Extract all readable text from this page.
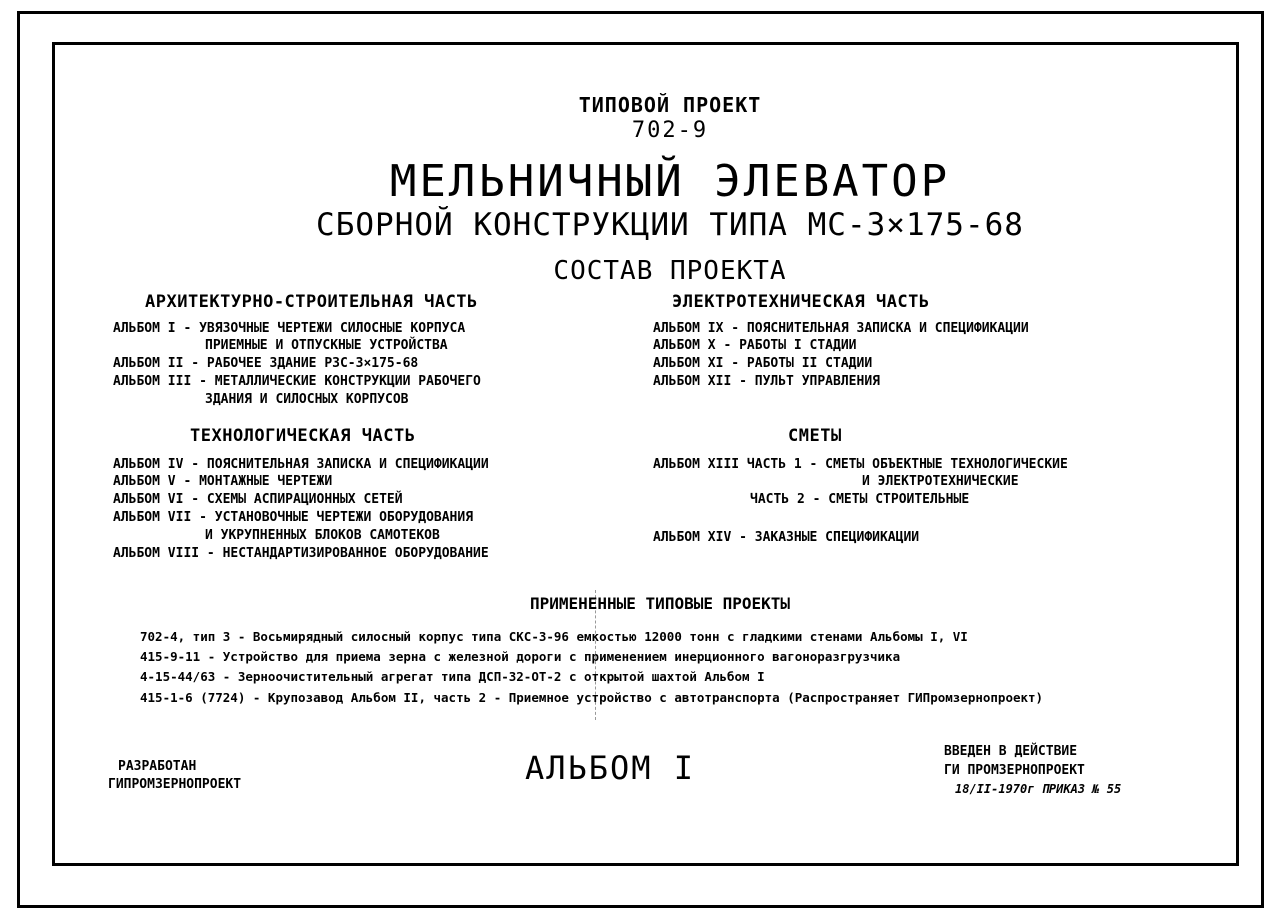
ТИПОВОЙ ПРОЕКТ
702-9
МЕЛЬНИЧНЫЙ ЭЛЕВАТОР
СБОРНОЙ КОНСТРУКЦИИ ТИПА МС-3×175-68
СОСТАВ ПРОЕКТА
АРХИТЕКТУРНО-СТРОИТЕЛЬНАЯ ЧАСТЬ
АЛЬБОМ I - УВЯЗОЧНЫЕ ЧЕРТЕЖИ СИЛОСНЫЕ КОРПУСА
ПРИЕМНЫЕ И ОТПУСКНЫЕ УСТРОЙСТВА
АЛЬБОМ II - РАБОЧЕЕ ЗДАНИЕ РЗС-3×175-68
АЛЬБОМ III - МЕТАЛЛИЧЕСКИЕ КОНСТРУКЦИИ РАБОЧЕГО
ЗДАНИЯ И СИЛОСНЫХ КОРПУСОВ
ТЕХНОЛОГИЧЕСКАЯ ЧАСТЬ
АЛЬБОМ IV - ПОЯСНИТЕЛЬНАЯ ЗАПИСКА И СПЕЦИФИКАЦИИ
АЛЬБОМ V - МОНТАЖНЫЕ ЧЕРТЕЖИ
АЛЬБОМ VI - СХЕМЫ АСПИРАЦИОННЫХ СЕТЕЙ
АЛЬБОМ VII - УСТАНОВОЧНЫЕ ЧЕРТЕЖИ ОБОРУДОВАНИЯ
И УКРУПНЕННЫХ БЛОКОВ САМОТЕКОВ
АЛЬБОМ VIII - НЕСТАНДАРТИЗИРОВАННОЕ ОБОРУДОВАНИЕ
ЭЛЕКТРОТЕХНИЧЕСКАЯ ЧАСТЬ
АЛЬБОМ IX - ПОЯСНИТЕЛЬНАЯ ЗАПИСКА И СПЕЦИФИКАЦИИ
АЛЬБОМ X - РАБОТЫ I СТАДИИ
АЛЬБОМ XI - РАБОТЫ II СТАДИИ
АЛЬБОМ XII - ПУЛЬТ УПРАВЛЕНИЯ
СМЕТЫ
АЛЬБОМ XIII ЧАСТЬ 1 - СМЕТЫ ОБЪЕКТНЫЕ ТЕХНОЛОГИЧЕСКИЕ
И ЭЛЕКТРОТЕХНИЧЕСКИЕ
ЧАСТЬ 2 - СМЕТЫ СТРОИТЕЛЬНЫЕ
АЛЬБОМ XIV - ЗАКАЗНЫЕ СПЕЦИФИКАЦИИ
ПРИМЕНЕННЫЕ ТИПОВЫЕ ПРОЕКТЫ
702-4, тип 3 - Восьмирядный силосный корпус типа СКС-3-96 емкостью 12000 тонн с гладкими стенами Альбомы I, VI
415-9-11 - Устройство для приема зерна с железной дороги с применением инерционного вагоноразгрузчика
4-15-44/63 - Зерноочистительный агрегат типа ДСП-32-ОТ-2 с открытой шахтой Альбом I
415-1-6 (7724) - Крупозавод Альбом II, часть 2 - Приемное устройство с автотранспорта (Распространяет ГИПромзернопроект)
РАЗРАБОТАН
ГИПРОМЗЕРНОПРОЕКТ	АЛЬБОМ I	ВВЕДЕН В ДЕЙСТВИЕ
ГИ ПРОМЗЕРНОПРОЕКТ
18/II-1970г ПРИКАЗ № 55
